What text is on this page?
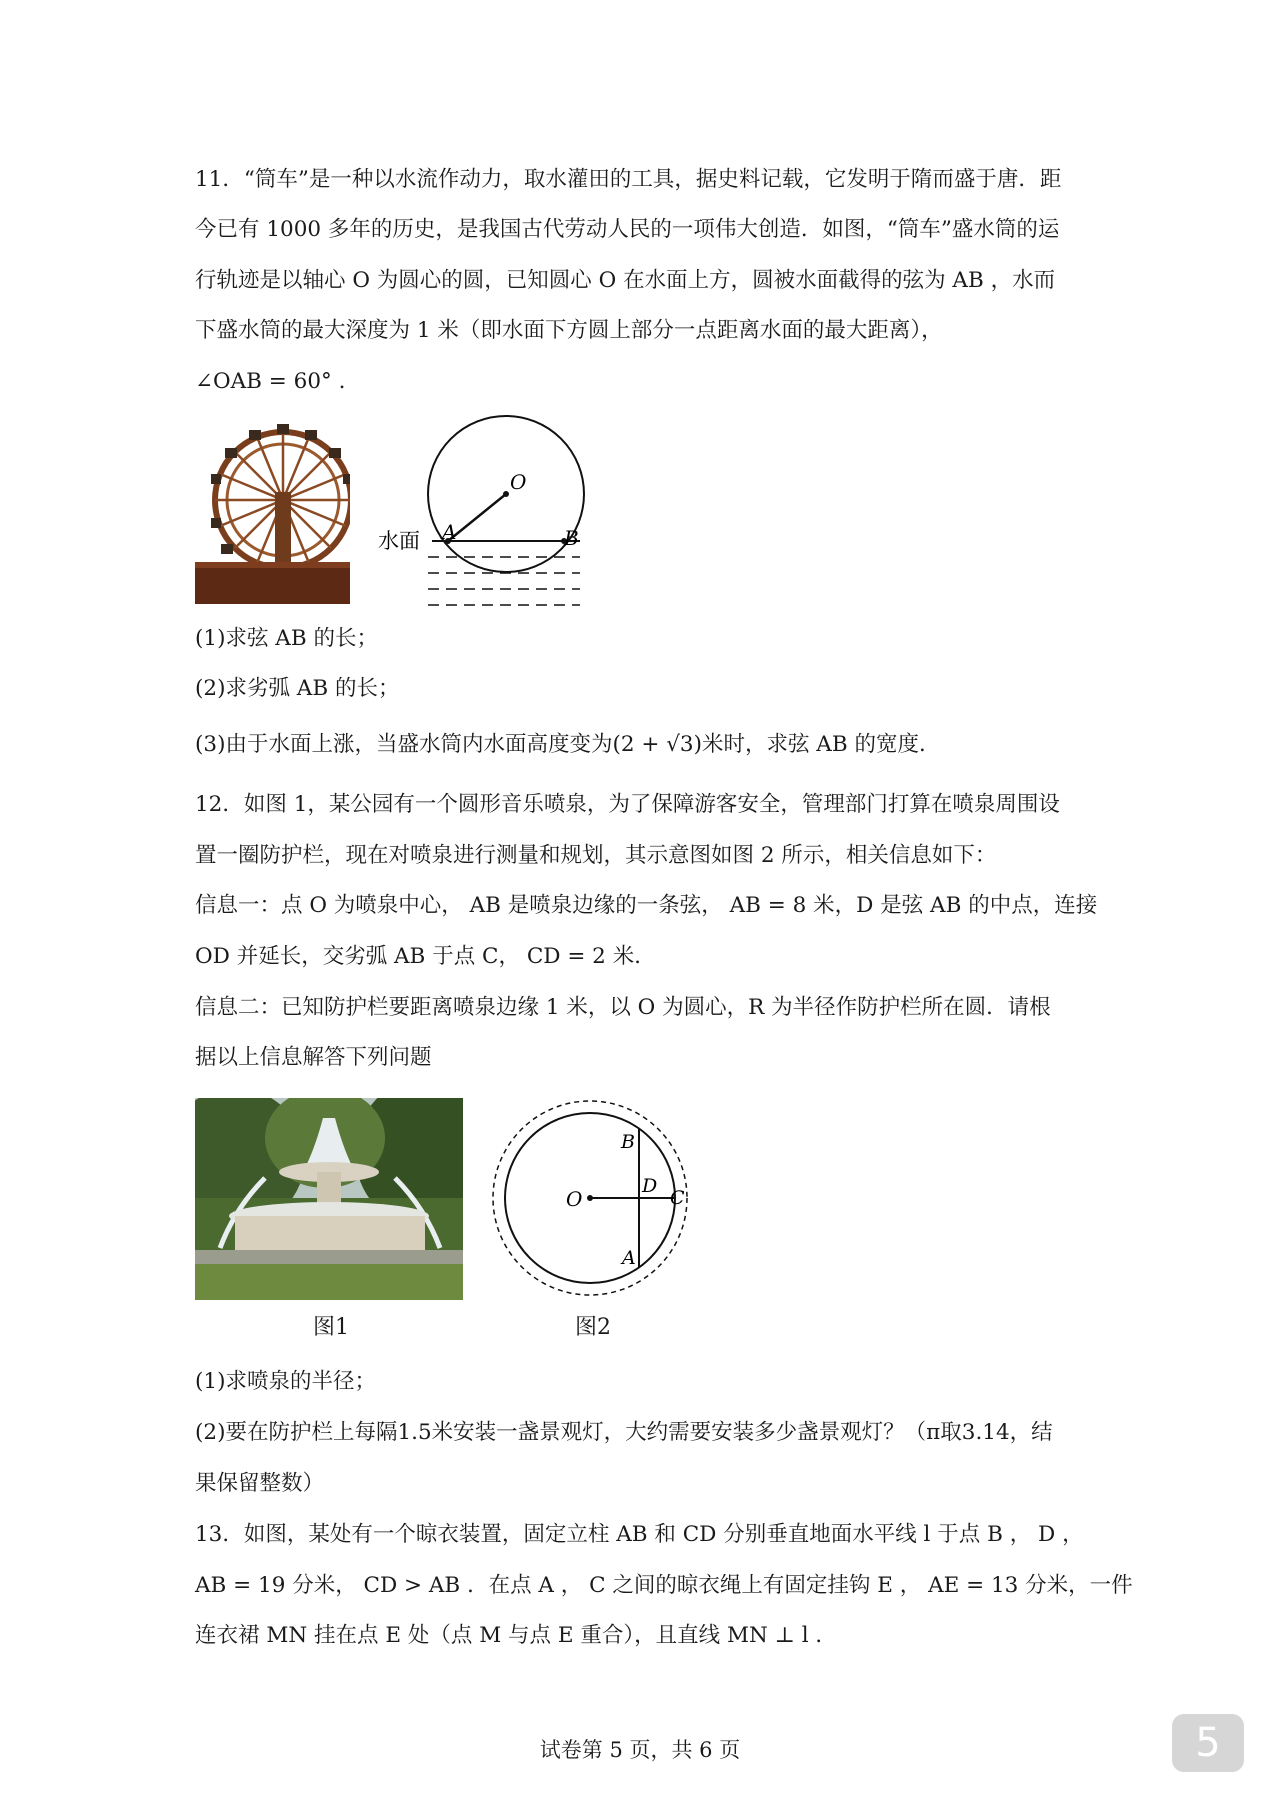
11．“筒车”是一种以水流作动力，取水灌田的工具，据史料记载，它发明于隋而盛于唐．距
今已有 1000 多年的历史，是我国古代劳动人民的一项伟大创造．如图，“筒车”盛水筒的运
行轨迹是以轴心 O 为圆心的圆，已知圆心 O 在水面上方，圆被水面截得的弦为 AB ，水而
下盛水筒的最大深度为 1 米（即水面下方圆上部分一点距离水面的最大距离），
∠OAB = 60° .
O
A	B
水面
(1)求弦 AB 的长；
(2)求劣弧 AB 的长；
(3)由于水面上涨，当盛水筒内水面高度变为(2 + √3)米时，求弦 AB 的宽度．
12．如图 1，某公园有一个圆形音乐喷泉，为了保障游客安全，管理部门打算在喷泉周围设
置一圈防护栏，现在对喷泉进行测量和规划，其示意图如图 2 所示，相关信息如下：
信息一：点 O 为喷泉中心， AB 是喷泉边缘的一条弦， AB = 8 米，D 是弦 AB 的中点，连接
OD 并延长，交劣弧 AB 于点 C， CD = 2 米．
信息二：已知防护栏要距离喷泉边缘 1 米，以 O 为圆心，R 为半径作防护栏所在圆．请根
据以上信息解答下列问题
O
B
D
C
A
图1	图2
(1)求喷泉的半径；
(2)要在防护栏上每隔1.5米安装一盏景观灯，大约需要安装多少盏景观灯？（π取3.14，结
果保留整数）
13．如图，某处有一个晾衣装置，固定立柱 AB 和 CD 分别垂直地面水平线 l 于点 B ， D ，
AB = 19 分米， CD > AB ．在点 A ， C 之间的晾衣绳上有固定挂钩 E ， AE = 13 分米，一件
连衣裙 MN 挂在点 E 处（点 M 与点 E 重合），且直线 MN ⊥ l ．
试卷第 5 页，共 6 页	5
